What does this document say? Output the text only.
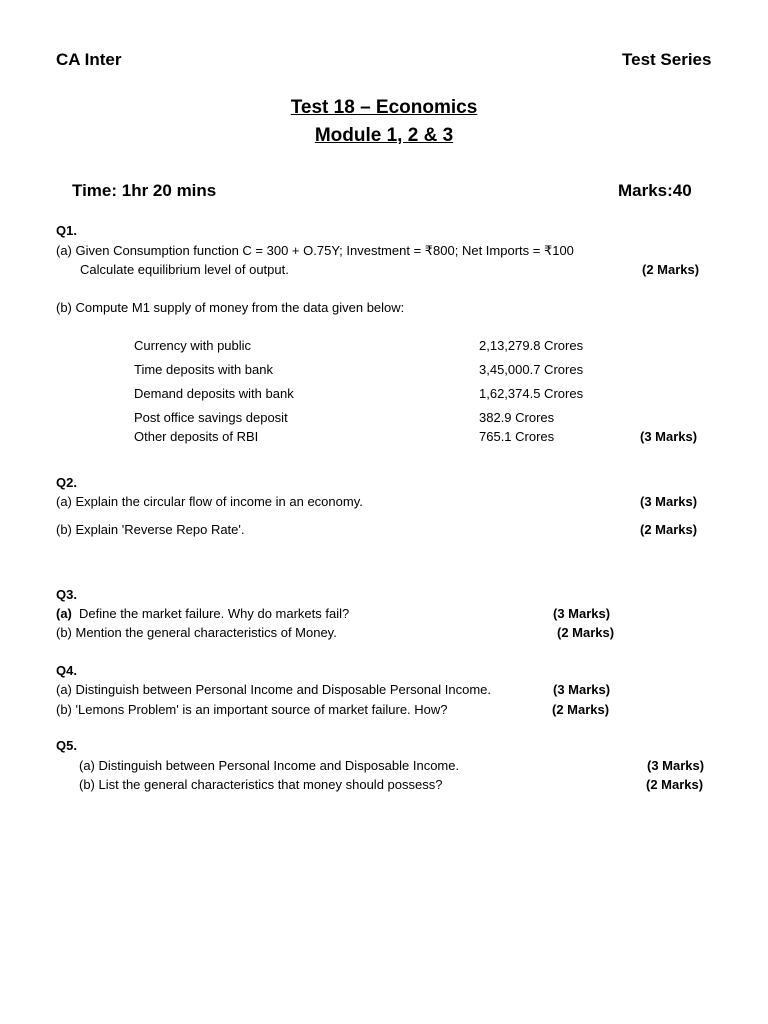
CA Inter	Test Series
Test 18 – Economics
Module 1, 2 & 3
Time: 1hr 20 mins	Marks:40
Q1.
(a) Given Consumption function C = 300 + O.75Y; Investment = ₹800; Net Imports = ₹100
Calculate equilibrium level of output.	(2 Marks)
(b) Compute M1 supply of money from the data given below:
Currency with public	2,13,279.8 Crores
Time deposits with bank	3,45,000.7 Crores
Demand deposits with bank	1,62,374.5 Crores
Post office savings deposit	382.9 Crores
Other deposits of RBI	765.1 Crores	(3 Marks)
Q2.
(a) Explain the circular flow of income in an economy.	(3 Marks)
(b) Explain 'Reverse Repo Rate'.	(2 Marks)
Q3.
(a) Define the market failure. Why do markets fail?	(3 Marks)
(b) Mention the general characteristics of Money.	(2 Marks)
Q4.
(a) Distinguish between Personal Income and Disposable Personal Income.	(3 Marks)
(b) 'Lemons Problem' is an important source of market failure. How?	(2 Marks)
Q5.
(a) Distinguish between Personal Income and Disposable Income.	(3 Marks)
(b) List the general characteristics that money should possess?	(2 Marks)
